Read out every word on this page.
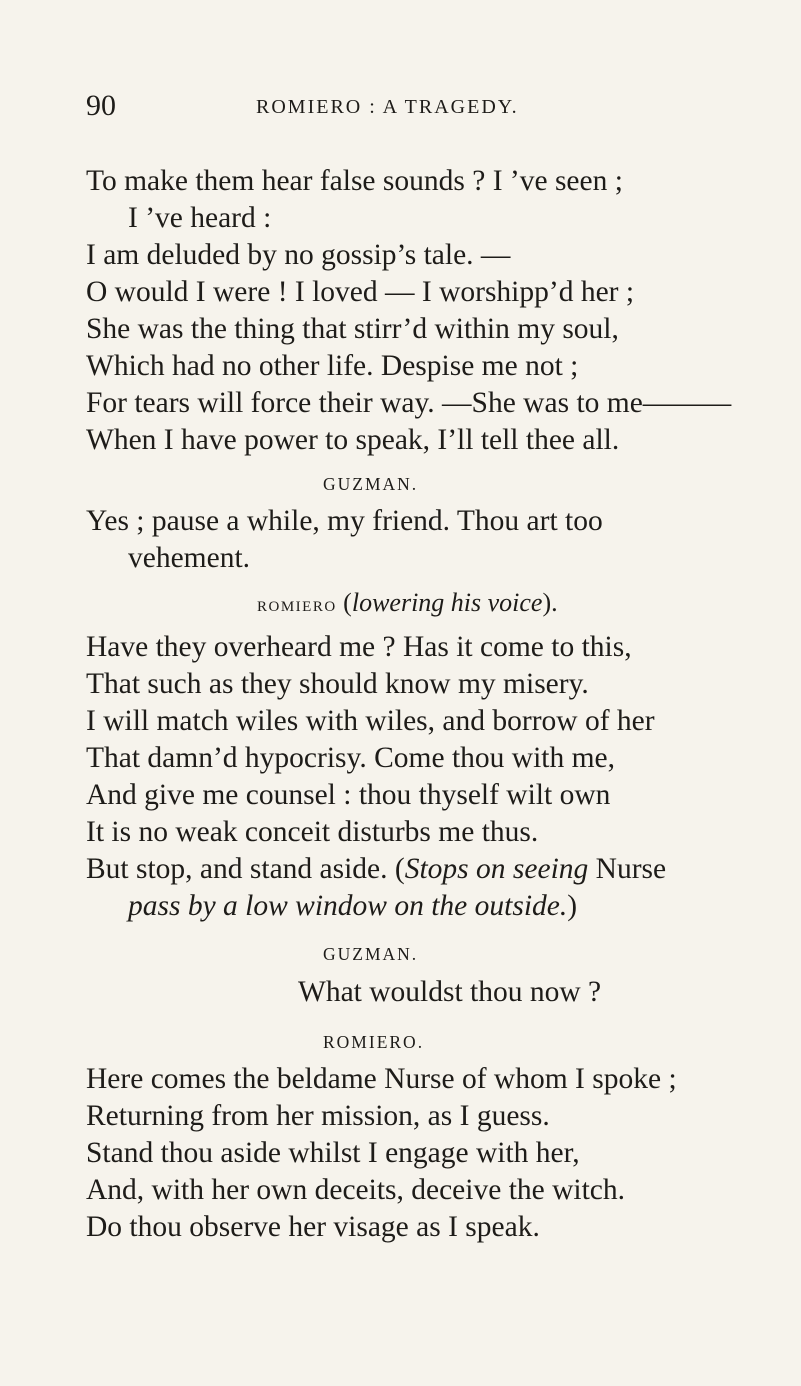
90	ROMIERO : A TRAGEDY.
To make them hear false sounds ? I ’ve seen ;
I ’ve heard :
I am deluded by no gossip’s tale. —
O would I were ! I loved — I worshipp’d her ;
She was the thing that stirr’d within my soul,
Which had no other life. Despise me not ;
For tears will force their way. —She was to me———
When I have power to speak, I’ll tell thee all.
GUZMAN.
Yes ; pause a while, my friend. Thou art too
vehement.
romiero (lowering his voice).
Have they overheard me ? Has it come to this,
That such as they should know my misery.
I will match wiles with wiles, and borrow of her
That damn’d hypocrisy. Come thou with me,
And give me counsel : thou thyself wilt own
It is no weak conceit disturbs me thus.
But stop, and stand aside. (Stops on seeing Nurse
pass by a low window on the outside.)
GUZMAN.
What wouldst thou now ?
ROMIERO.
Here comes the beldame Nurse of whom I spoke ;
Returning from her mission, as I guess.
Stand thou aside whilst I engage with her,
And, with her own deceits, deceive the witch.
Do thou observe her visage as I speak.
